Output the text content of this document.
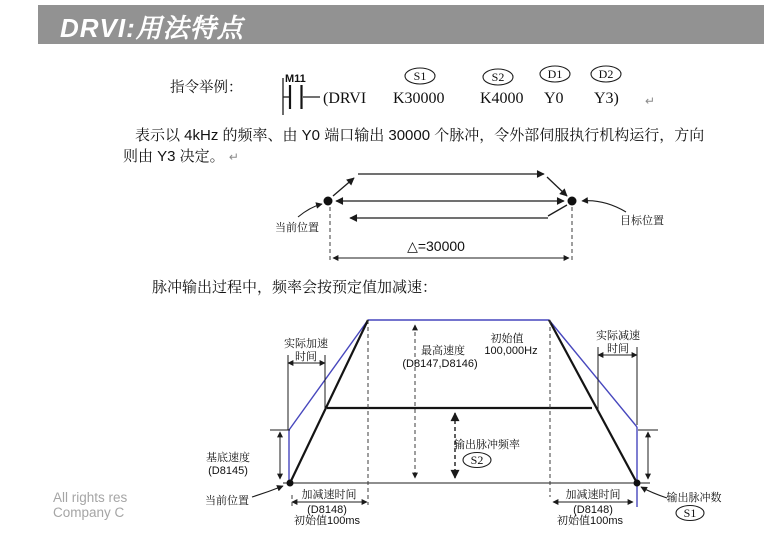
DRVI:用法特点
指令举例：
M11
(DRVI K30000 K4000 Y0 Y3)
S1	S2	D1	D2
↵
表示以 4kHz 的频率、由 Y0 端口输出 30000 个脉冲，令外部伺服执行机构运行，方向
则由 Y3 决定。 ↵
△=30000
当前位置
目标位置
脉冲输出过程中，频率会按预定值加减速：
实际加速
时间
实际减速
时间
基底速度
(D8145)
最高速度
(D8147,D8146)
初始值
100,000Hz
输出脉冲频率
S2
当前位置	输出脉冲数
S1
加减速时间
(D8148)
初始值100ms
加减速时间
(D8148)
初始值100ms
All rights res
Company C
